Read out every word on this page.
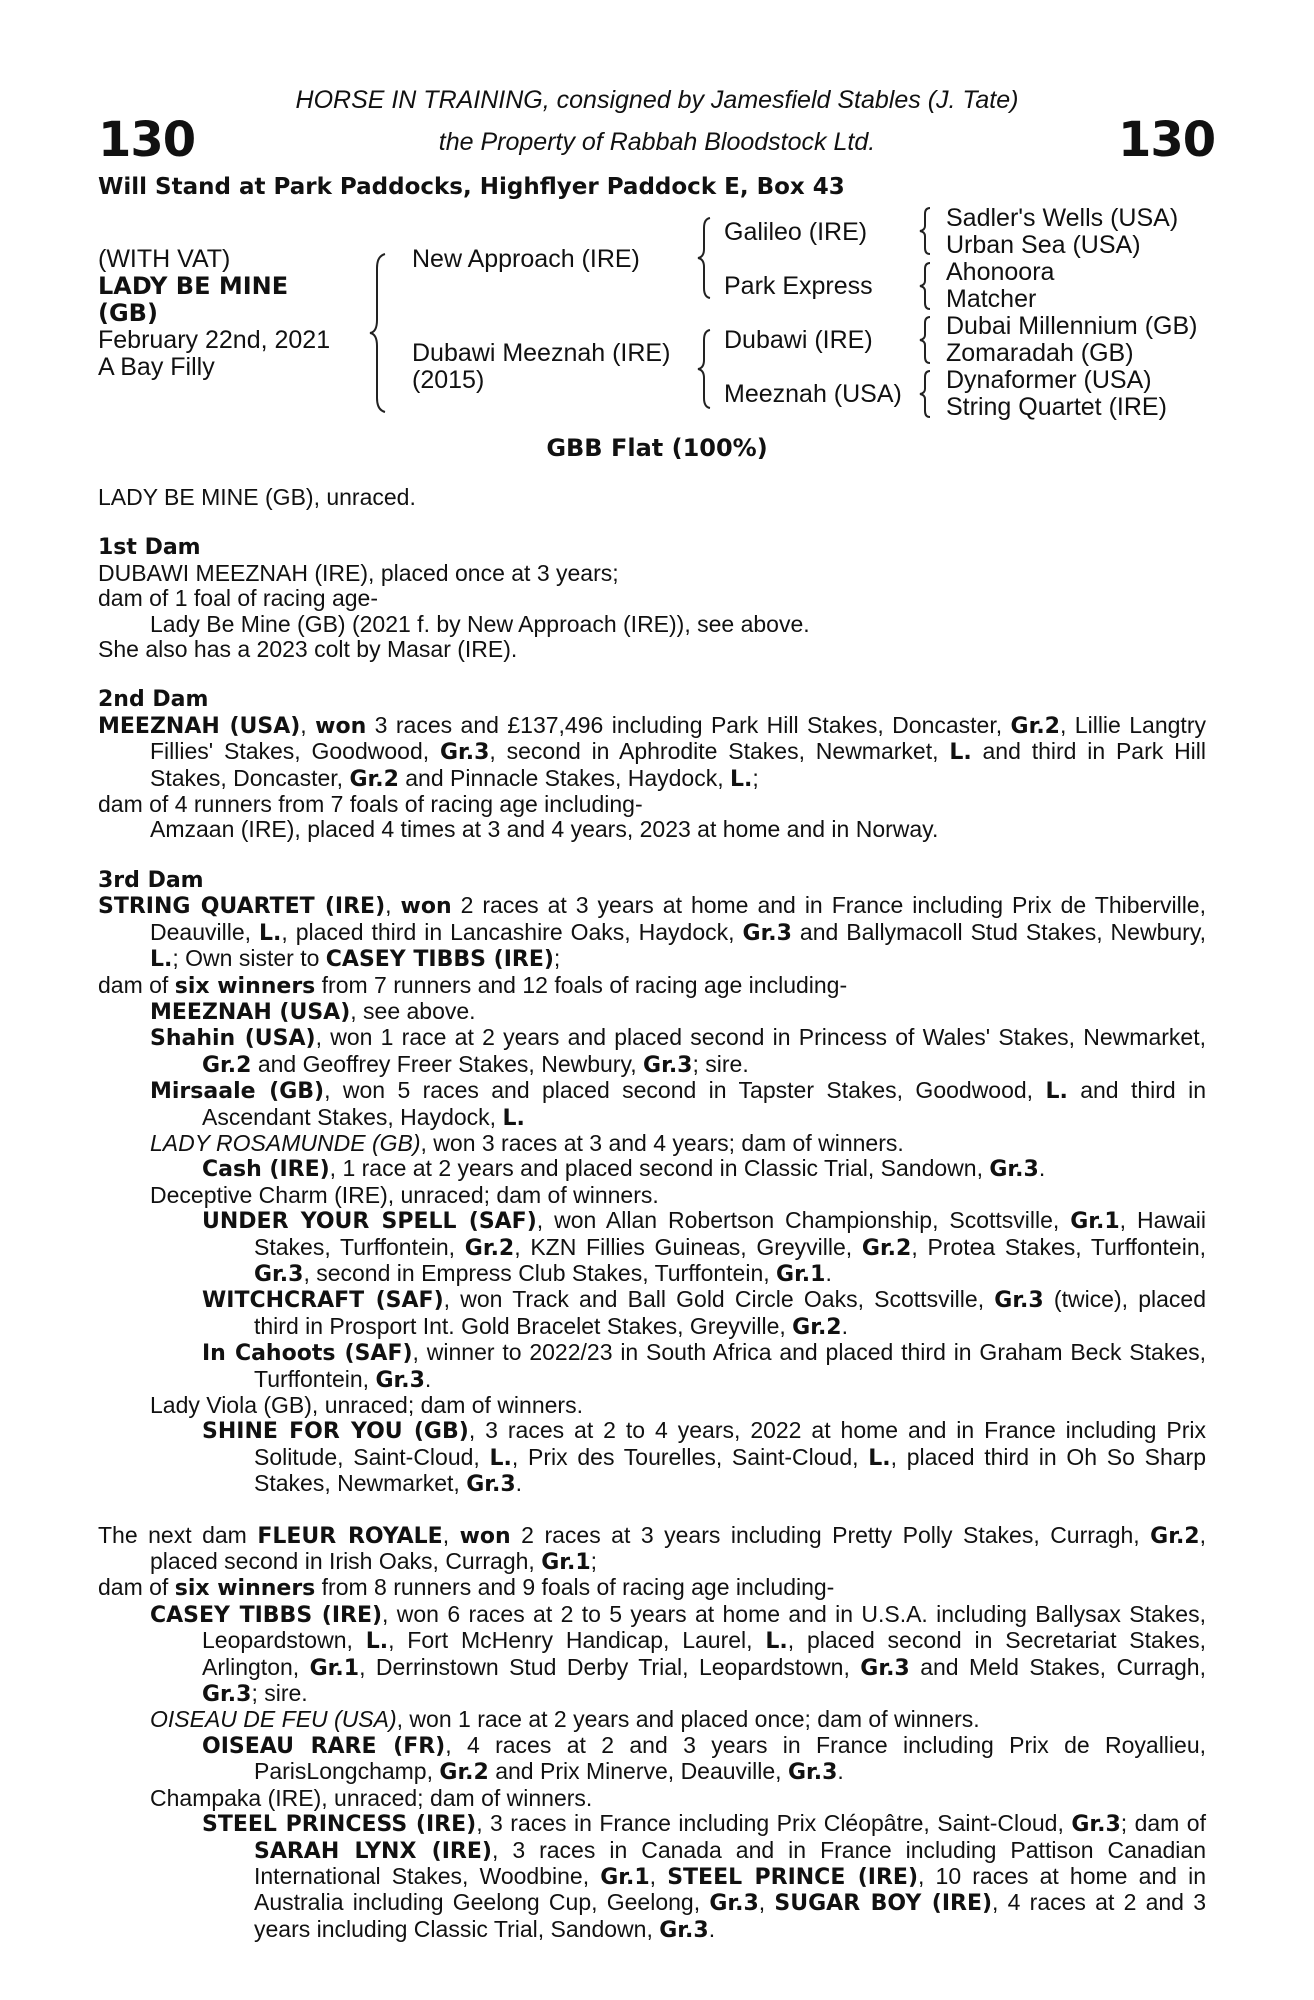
130	130
HORSE IN TRAINING, consigned by Jamesfield Stables (J. Tate)
the Property of Rabbah Bloodstock Ltd.
Will Stand at Park Paddocks, Highflyer Paddock E, Box 43
(WITH VAT)
LADY BE MINE
(GB)
February 22nd, 2021
A Bay Filly
New Approach (IRE)
Dubawi Meeznah (IRE)
(2015)
Galileo (IRE)
Park Express
Dubawi (IRE)
Meeznah (USA)
Sadler's Wells (USA)
Urban Sea (USA)
Ahonoora
Matcher
Dubai Millennium (GB)
Zomaradah (GB)
Dynaformer (USA)
String Quartet (IRE)
GBB Flat (100%)

LADY BE MINE (GB), unraced.

1st Dam

DUBAWI MEEZNAH (IRE), placed once at 3 years;

dam of 1 foal of racing age-

Lady Be Mine (GB) (2021 f. by New Approach (IRE)), see above.

She also has a 2023 colt by Masar (IRE).

2nd Dam

MEEZNAH (USA), won 3 races and £137,496 including Park Hill Stakes, Doncaster, Gr.2, Lillie Langtry Fillies' Stakes, Goodwood, Gr.3, second in Aphrodite Stakes, Newmarket, L. and third in Park Hill Stakes, Doncaster, Gr.2 and Pinnacle Stakes, Haydock, L.;

dam of 4 runners from 7 foals of racing age including-

Amzaan (IRE), placed 4 times at 3 and 4 years, 2023 at home and in Norway.

3rd Dam

STRING QUARTET (IRE), won 2 races at 3 years at home and in France including Prix de Thiberville, Deauville, L., placed third in Lancashire Oaks, Haydock, Gr.3 and Ballymacoll Stud Stakes, Newbury, L.; Own sister to CASEY TIBBS (IRE);

dam of six winners from 7 runners and 12 foals of racing age including-

MEEZNAH (USA), see above.

Shahin (USA), won 1 race at 2 years and placed second in Princess of Wales' Stakes, Newmarket, Gr.2 and Geoffrey Freer Stakes, Newbury, Gr.3; sire.

Mirsaale (GB), won 5 races and placed second in Tapster Stakes, Goodwood, L. and third in Ascendant Stakes, Haydock, L.

LADY ROSAMUNDE (GB), won 3 races at 3 and 4 years; dam of winners.

Cash (IRE), 1 race at 2 years and placed second in Classic Trial, Sandown, Gr.3.

Deceptive Charm (IRE), unraced; dam of winners.

UNDER YOUR SPELL (SAF), won Allan Robertson Championship, Scottsville, Gr.1, Hawaii Stakes, Turffontein, Gr.2, KZN Fillies Guineas, Greyville, Gr.2, Protea Stakes, Turffontein, Gr.3, second in Empress Club Stakes, Turffontein, Gr.1.

WITCHCRAFT (SAF), won Track and Ball Gold Circle Oaks, Scottsville, Gr.3 (twice), placed third in Prosport Int. Gold Bracelet Stakes, Greyville, Gr.2.

In Cahoots (SAF), winner to 2022/23 in South Africa and placed third in Graham Beck Stakes, Turffontein, Gr.3.

Lady Viola (GB), unraced; dam of winners.

SHINE FOR YOU (GB), 3 races at 2 to 4 years, 2022 at home and in France including Prix Solitude, Saint-Cloud, L., Prix des Tourelles, Saint-Cloud, L., placed third in Oh So Sharp Stakes, Newmarket, Gr.3.

The next dam FLEUR ROYALE, won 2 races at 3 years including Pretty Polly Stakes, Curragh, Gr.2, placed second in Irish Oaks, Curragh, Gr.1;

dam of six winners from 8 runners and 9 foals of racing age including-

CASEY TIBBS (IRE), won 6 races at 2 to 5 years at home and in U.S.A. including Ballysax Stakes, Leopardstown, L., Fort McHenry Handicap, Laurel, L., placed second in Secretariat Stakes, Arlington, Gr.1, Derrinstown Stud Derby Trial, Leopardstown, Gr.3 and Meld Stakes, Curragh, Gr.3; sire.

OISEAU DE FEU (USA), won 1 race at 2 years and placed once; dam of winners.

OISEAU RARE (FR), 4 races at 2 and 3 years in France including Prix de Royallieu, ParisLongchamp, Gr.2 and Prix Minerve, Deauville, Gr.3.

Champaka (IRE), unraced; dam of winners.

STEEL PRINCESS (IRE), 3 races in France including Prix Cléopâtre, Saint-Cloud, Gr.3; dam of SARAH LYNX (IRE), 3 races in Canada and in France including Pattison Canadian International Stakes, Woodbine, Gr.1, STEEL PRINCE (IRE), 10 races at home and in Australia including Geelong Cup, Geelong, Gr.3, SUGAR BOY (IRE), 4 races at 2 and 3 years including Classic Trial, Sandown, Gr.3.
